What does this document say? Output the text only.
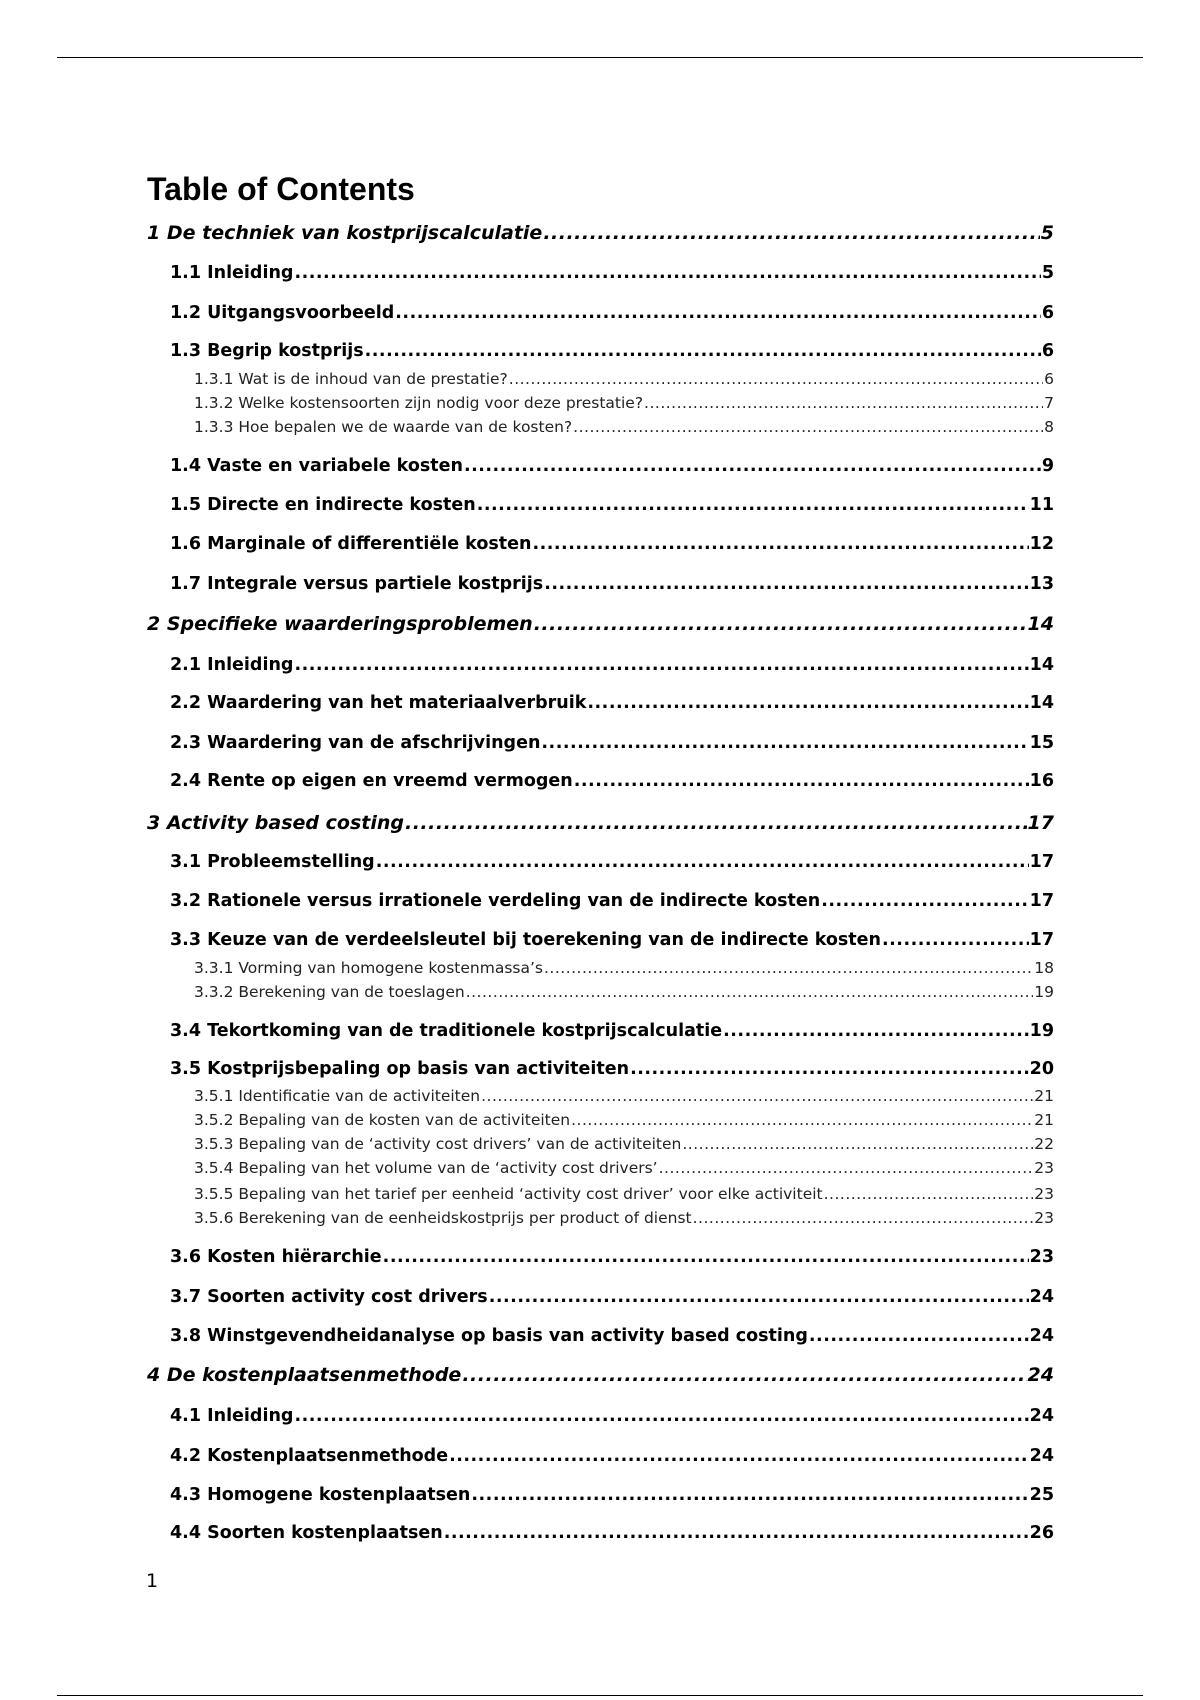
Table of Contents
1 De techniek van kostprijscalculatie .....	5
1.1 Inleiding .....	5
1.2 Uitgangsvoorbeeld .....	6
1.3 Begrip kostprijs .....	6
1.3.1 Wat is de inhoud van de prestatie? .....	6
1.3.2 Welke kostensoorten zijn nodig voor deze prestatie? .....	7
1.3.3 Hoe bepalen we de waarde van de kosten? .....	8
1.4 Vaste en variabele kosten .....	9
1.5 Directe en indirecte kosten .....	11
1.6 Marginale of differentiële kosten .....	12
1.7 Integrale versus partiele kostprijs .....	13
2 Specifieke waarderingsproblemen .....	14
2.1 Inleiding .....	14
2.2 Waardering van het materiaalverbruik .....	14
2.3 Waardering van de afschrijvingen .....	15
2.4 Rente op eigen en vreemd vermogen .....	16
3 Activity based costing .....	17
3.1 Probleemstelling .....	17
3.2 Rationele versus irrationele verdeling van de indirecte kosten .....	17
3.3 Keuze van de verdeelsleutel bij toerekening van de indirecte kosten .....	17
3.3.1 Vorming van homogene kostenmassa’s .....	18
3.3.2 Berekening van de toeslagen .....	19
3.4 Tekortkoming van de traditionele kostprijscalculatie .....	19
3.5 Kostprijsbepaling op basis van activiteiten .....	20
3.5.1 Identificatie van de activiteiten .....	21
3.5.2 Bepaling van de kosten van de activiteiten .....	21
3.5.3 Bepaling van de ‘activity cost drivers’ van de activiteiten .....	22
3.5.4 Bepaling van het volume van de ‘activity cost drivers’ .....	23
3.5.5 Bepaling van het tarief per eenheid ‘activity cost driver’ voor elke activiteit .....	23
3.5.6 Berekening van de eenheidskostprijs per product of dienst .....	23
3.6 Kosten hiërarchie .....	23
3.7 Soorten activity cost drivers .....	24
3.8 Winstgevendheidanalyse op basis van activity based costing .....	24
4 De kostenplaatsenmethode .....	24
4.1 Inleiding .....	24
4.2 Kostenplaatsenmethode .....	24
4.3 Homogene kostenplaatsen .....	25
4.4 Soorten kostenplaatsen .....	26
1
